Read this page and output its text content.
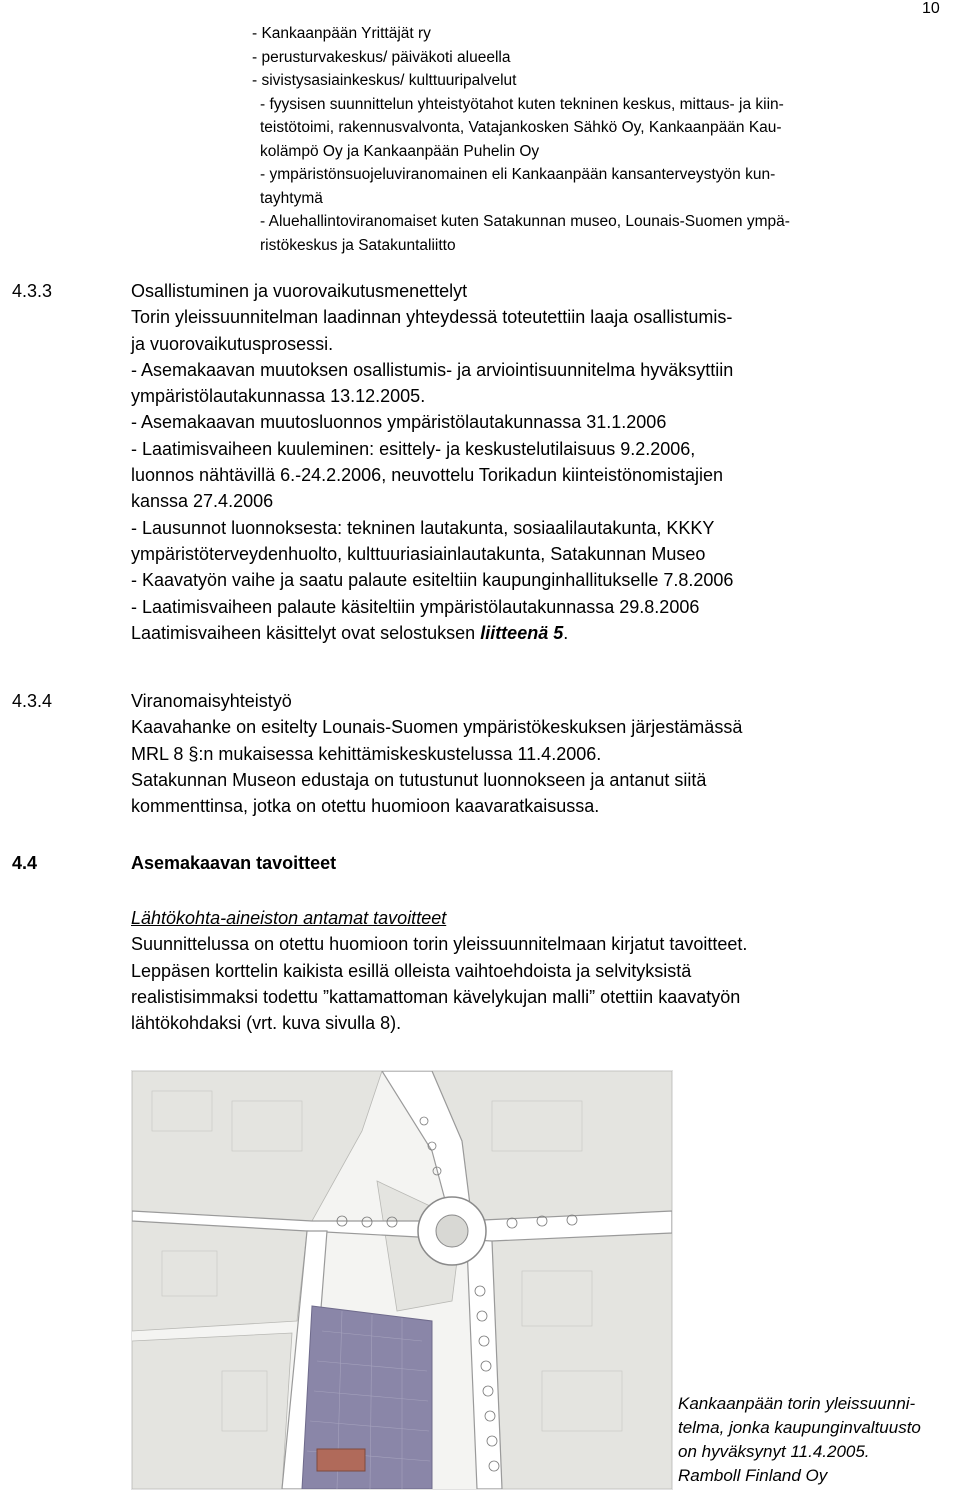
10
- Kankaanpään Yrittäjät ry
- perusturvakeskus/ päiväkoti alueella
- sivistysasiainkeskus/ kulttuuripalvelut
- fyysisen suunnittelun yhteistyötahot kuten tekninen keskus, mittaus- ja kiin-
teistötoimi, rakennusvalvonta, Vatajankosken Sähkö Oy, Kankaanpään Kau-
kolämpö Oy ja Kankaanpään Puhelin Oy
- ympäristönsuojeluviranomainen eli Kankaanpään kansanterveystyön kun-
tayhtymä
- Aluehallintoviranomaiset kuten Satakunnan museo, Lounais-Suomen ympä-
ristökeskus ja Satakuntaliitto
4.3.3	Osallistuminen ja vuorovaikutusmenettelyt
Torin yleissuunnitelman laadinnan yhteydessä toteutettiin laaja osallistumis-
ja vuorovaikutusprosessi.
- Asemakaavan muutoksen osallistumis- ja arviointisuunnitelma hyväksyttiin
ympäristölautakunnassa 13.12.2005.
- Asemakaavan muutosluonnos ympäristölautakunnassa 31.1.2006
- Laatimisvaiheen kuuleminen: esittely- ja keskustelutilaisuus 9.2.2006,
luonnos nähtävillä 6.-24.2.2006, neuvottelu Torikadun kiinteistönomistajien
kanssa 27.4.2006
- Lausunnot luonnoksesta: tekninen lautakunta, sosiaalilautakunta, KKKY
ympäristöterveydenhuolto, kulttuuriasiainlautakunta, Satakunnan Museo
- Kaavatyön vaihe ja saatu palaute esiteltiin kaupunginhallitukselle 7.8.2006
- Laatimisvaiheen palaute käsiteltiin ympäristölautakunnassa 29.8.2006
Laatimisvaiheen käsittelyt ovat selostuksen liitteenä 5.
4.3.4	Viranomaisyhteistyö
Kaavahanke on esitelty Lounais-Suomen ympäristökeskuksen järjestämässä
MRL 8 §:n mukaisessa kehittämiskeskustelussa 11.4.2006.
Satakunnan Museon edustaja on tutustunut luonnokseen ja antanut siitä
kommenttinsa, jotka on otettu huomioon kaavaratkaisussa.
4.4	Asemakaavan tavoitteet
Lähtökohta-aineiston antamat tavoitteet
Suunnittelussa on otettu huomioon torin yleissuunnitelmaan kirjatut tavoitteet.
Leppäsen korttelin kaikista esillä olleista vaihtoehdoista ja selvityksistä
realistisimmaksi todettu ”kattamattoman kävelykujan malli” otettiin kaavatyön
lähtökohdaksi (vrt. kuva sivulla 8).
Kankaanpään torin yleissuunni-
telma, jonka kaupunginvaltuusto
on hyväksynyt 11.4.2005.
Ramboll Finland Oy
